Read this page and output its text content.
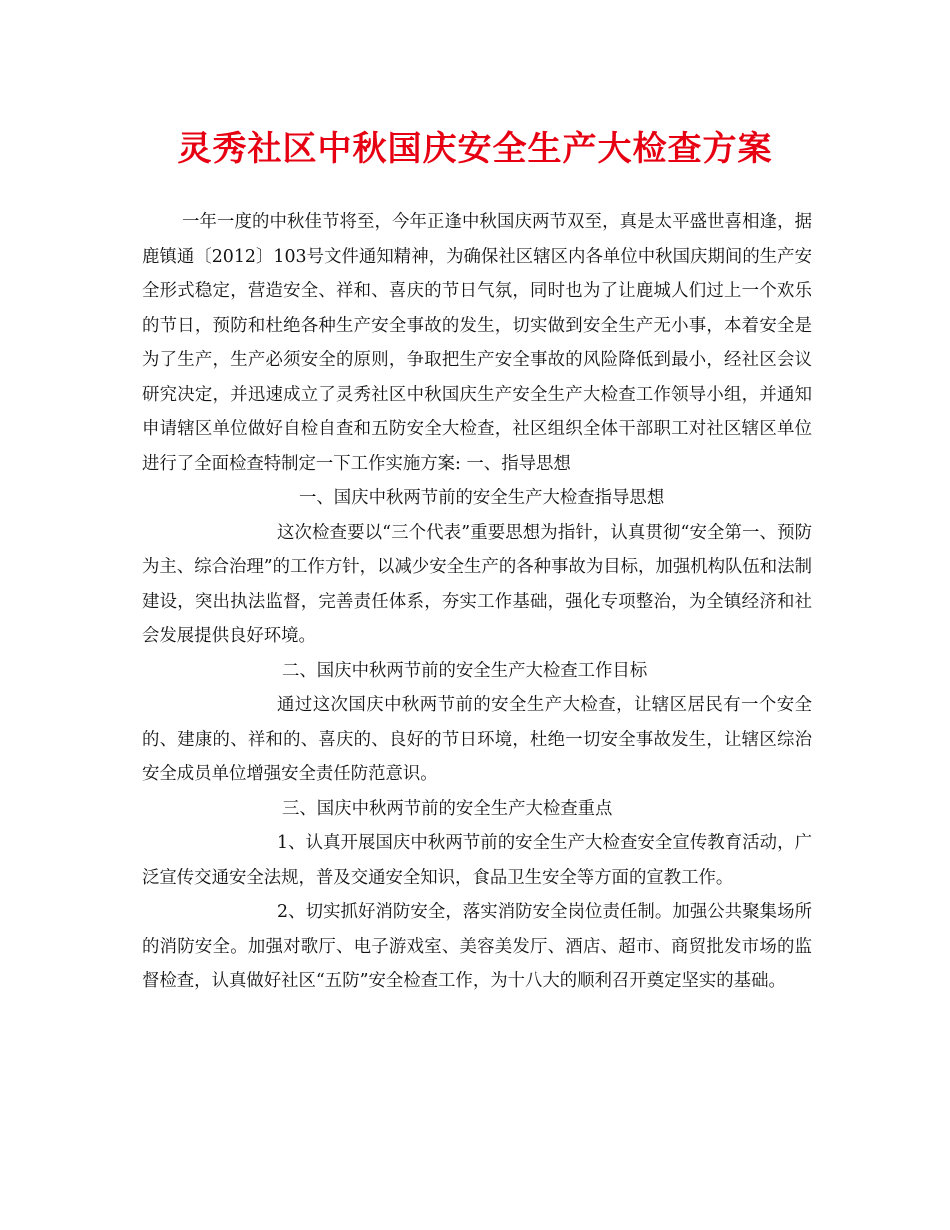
灵秀社区中秋国庆安全生产大检查方案

一年一度的中秋佳节将至，今年正逢中秋国庆两节双至，真是太平盛世喜相逢，据鹿镇通〔2012〕103号文件通知精神，为确保社区辖区内各单位中秋国庆期间的生产安全形式稳定，营造安全、祥和、喜庆的节日气氛，同时也为了让鹿城人们过上一个欢乐的节日，预防和杜绝各种生产安全事故的发生，切实做到安全生产无小事，本着安全是为了生产，生产必须安全的原则，争取把生产安全事故的风险降低到最小，经社区会议研究决定，并迅速成立了灵秀社区中秋国庆生产安全生产大检查工作领导小组，并通知申请辖区单位做好自检自查和五防安全大检查，社区组织全体干部职工对社区辖区单位进行了全面检查特制定一下工作实施方案: 一、指导思想

一、国庆中秋两节前的安全生产大检查指导思想

这次检查要以“三个代表”重要思想为指针，认真贯彻“安全第一、预防为主、综合治理”的工作方针，以减少安全生产的各种事故为目标，加强机构队伍和法制建设，突出执法监督，完善责任体系，夯实工作基础，强化专项整治，为全镇经济和社会发展提供良好环境。

二、国庆中秋两节前的安全生产大检查工作目标

通过这次国庆中秋两节前的安全生产大检查，让辖区居民有一个安全的、建康的、祥和的、喜庆的、良好的节日环境，杜绝一切安全事故发生，让辖区综治安全成员单位增强安全责任防范意识。

三、国庆中秋两节前的安全生产大检查重点

1、认真开展国庆中秋两节前的安全生产大检查安全宣传教育活动，广泛宣传交通安全法规，普及交通安全知识，食品卫生安全等方面的宣教工作。

2、切实抓好消防安全，落实消防安全岗位责任制。加强公共聚集场所的消防安全。加强对歌厅、电子游戏室、美容美发厅、酒店、超市、商贸批发市场的监督检查，认真做好社区“五防”安全检查工作，为十八大的顺利召开奠定坚实的基础。
